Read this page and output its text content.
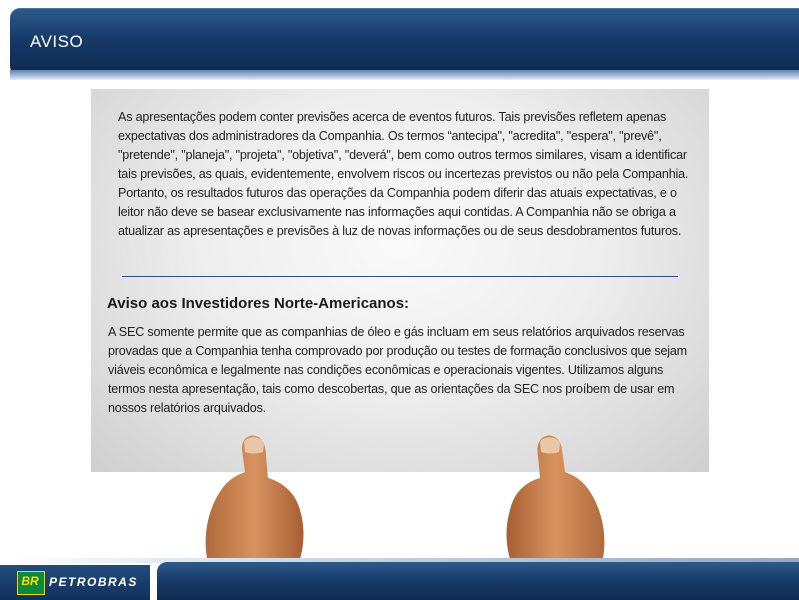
AVISO
As apresentações podem conter previsões acerca de eventos futuros. Tais previsões refletem apenas expectativas dos administradores da Companhia. Os termos “antecipa", "acredita", "espera", "prevê", "pretende", "planeja", "projeta", "objetiva", "deverá", bem como outros termos similares, visam a identificar tais previsões, as quais, evidentemente, envolvem riscos ou incertezas previstos ou não pela Companhia. Portanto, os resultados futuros das operações da Companhia podem diferir das atuais expectativas, e o leitor não deve se basear exclusivamente nas informações aqui contidas. A Companhia não se obriga a atualizar as apresentações e previsões à luz de novas informações ou de seus desdobramentos futuros.
Aviso aos Investidores Norte-Americanos:
A SEC somente permite que as companhias de óleo e gás incluam em seus relatórios arquivados reservas provadas que a Companhia tenha comprovado por produção ou testes de formação conclusivos que sejam viáveis econômica e legalmente nas condições econômicas e operacionais vigentes. Utilizamos alguns termos nesta apresentação, tais como descobertas, que as orientações da SEC nos proíbem de usar em nossos relatórios arquivados.
BR PETROBRAS
